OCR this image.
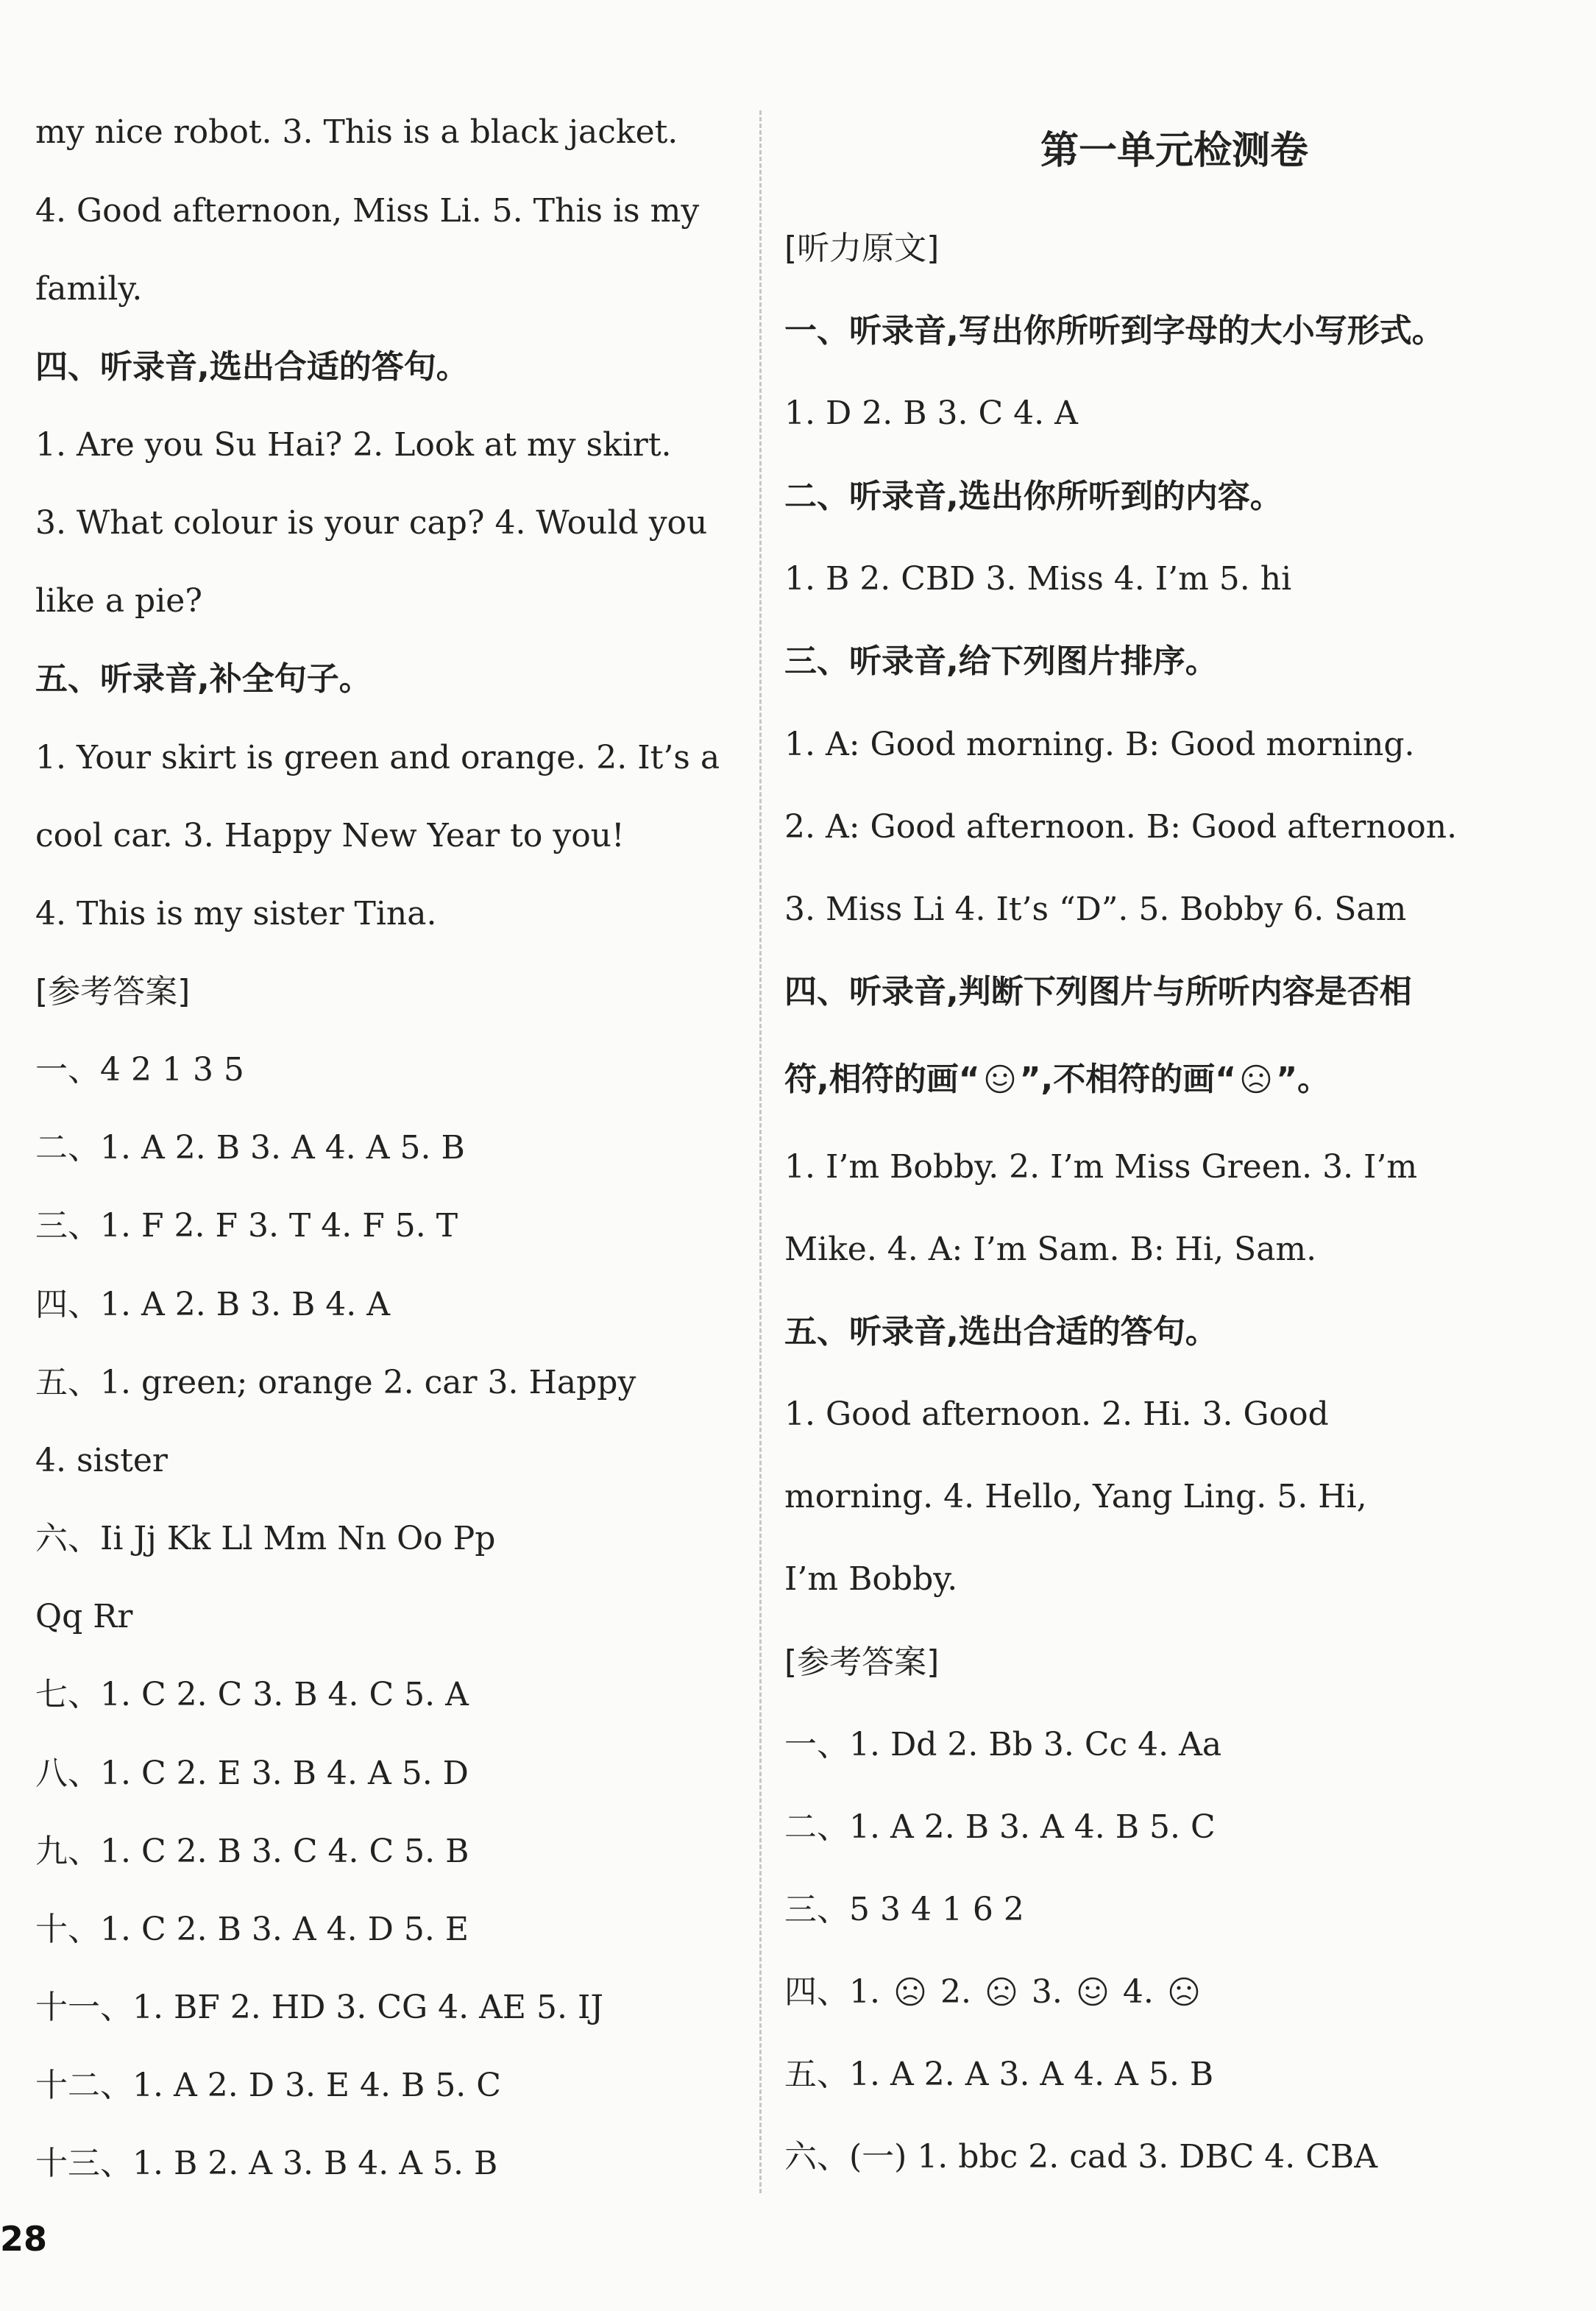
my nice robot. 3. This is a black jacket.
4. Good afternoon, Miss Li. 5. This is my
family.
四、听录音,选出合适的答句。
1. Are you Su Hai? 2. Look at my skirt.
3. What colour is your cap? 4. Would you
like a pie?
五、听录音,补全句子。
1. Your skirt is green and orange. 2. It’s a
cool car. 3. Happy New Year to you!
4. This is my sister Tina.
[参考答案]
一、4 2 1 3 5
二、1. A 2. B 3. A 4. A 5. B
三、1. F 2. F 3. T 4. F 5. T
四、1. A 2. B 3. B 4. A
五、1. green; orange 2. car 3. Happy
4. sister
六、Ii Jj Kk Ll Mm Nn Oo Pp
Qq Rr
七、1. C 2. C 3. B 4. C 5. A
八、1. C 2. E 3. B 4. A 5. D
九、1. C 2. B 3. C 4. C 5. B
十、1. C 2. B 3. A 4. D 5. E
十一、1. BF 2. HD 3. CG 4. AE 5. IJ
十二、1. A 2. D 3. E 4. B 5. C
十三、1. B 2. A 3. B 4. A 5. B
28
第一单元检测卷
[听力原文]
一、听录音,写出你所听到字母的大小写形式。
1. D 2. B 3. C 4. A
二、听录音,选出你所听到的内容。
1. B 2. CBD 3. Miss 4. I’m 5. hi
三、听录音,给下列图片排序。
1. A: Good morning. B: Good morning.
2. A: Good afternoon. B: Good afternoon.
3. Miss Li 4. It’s “D”. 5. Bobby 6. Sam
四、听录音,判断下列图片与所听内容是否相
符,相符的画“ ”,不相符的画“ ”。
1. I’m Bobby. 2. I’m Miss Green. 3. I’m
Mike. 4. A: I’m Sam. B: Hi, Sam.
五、听录音,选出合适的答句。
1. Good afternoon. 2. Hi. 3. Good
morning. 4. Hello, Yang Ling. 5. Hi,
I’m Bobby.
[参考答案]
一、1. Dd 2. Bb 3. Cc 4. Aa
二、1. A 2. B 3. A 4. B 5. C
三、5 3 4 1 6 2
四、1.  2.  3.  4.
五、1. A 2. A 3. A 4. A 5. B
六、(一) 1. bbc 2. cad 3. DBC 4. CBA
